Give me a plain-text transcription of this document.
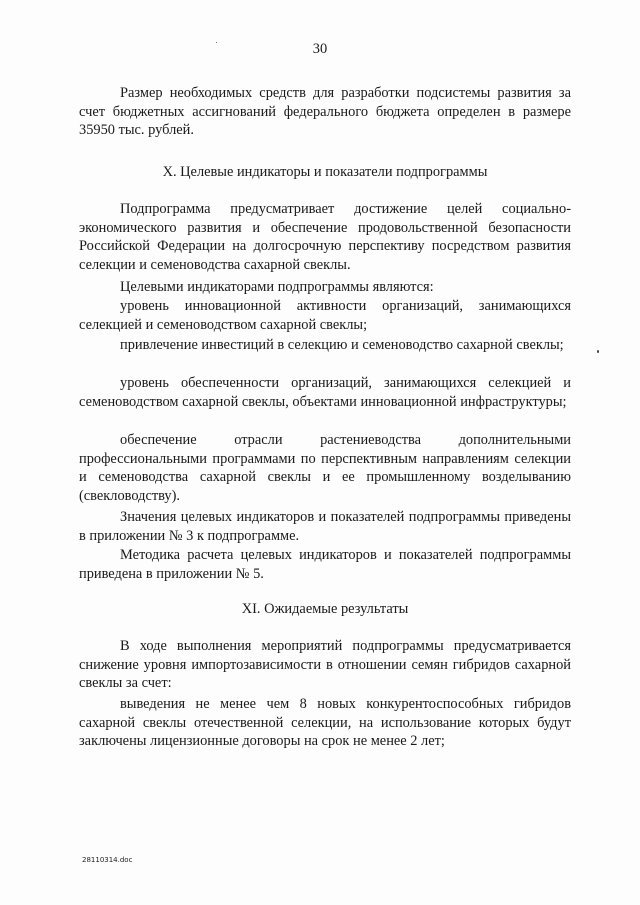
30

Размер необходимых средств для разработки подсистемы развития за счет бюджетных ассигнований федерального бюджета определен в размере 35950 тыс. рублей.

X. Целевые индикаторы и показатели подпрограммы

Подпрограмма предусматривает достижение целей социально-экономического развития и обеспечение продовольственной безопасности Российской Федерации на долгосрочную перспективу посредством развития селекции и семеноводства сахарной свеклы.

Целевыми индикаторами подпрограммы являются:

уровень инновационной активности организаций, занимающихся селекцией и семеноводством сахарной свеклы;

привлечение инвестиций в селекцию и семеноводство сахарной свеклы;

уровень обеспеченности организаций, занимающихся селекцией и семеноводством сахарной свеклы, объектами инновационной инфраструктуры;

обеспечение отрасли растениеводства дополнительными профессиональными программами по перспективным направлениям селекции и семеноводства сахарной свеклы и ее промышленному возделыванию (свекловодству).

Значения целевых индикаторов и показателей подпрограммы приведены в приложении № 3 к подпрограмме.

Методика расчета целевых индикаторов и показателей подпрограммы приведена в приложении № 5.

XI. Ожидаемые результаты

В ходе выполнения мероприятий подпрограммы предусматривается снижение уровня импортозависимости в отношении семян гибридов сахарной свеклы за счет:

выведения не менее чем 8 новых конкурентоспособных гибридов сахарной свеклы отечественной селекции, на использование которых будут заключены лицензионные договоры на срок не менее 2 лет;

28110314.doc
